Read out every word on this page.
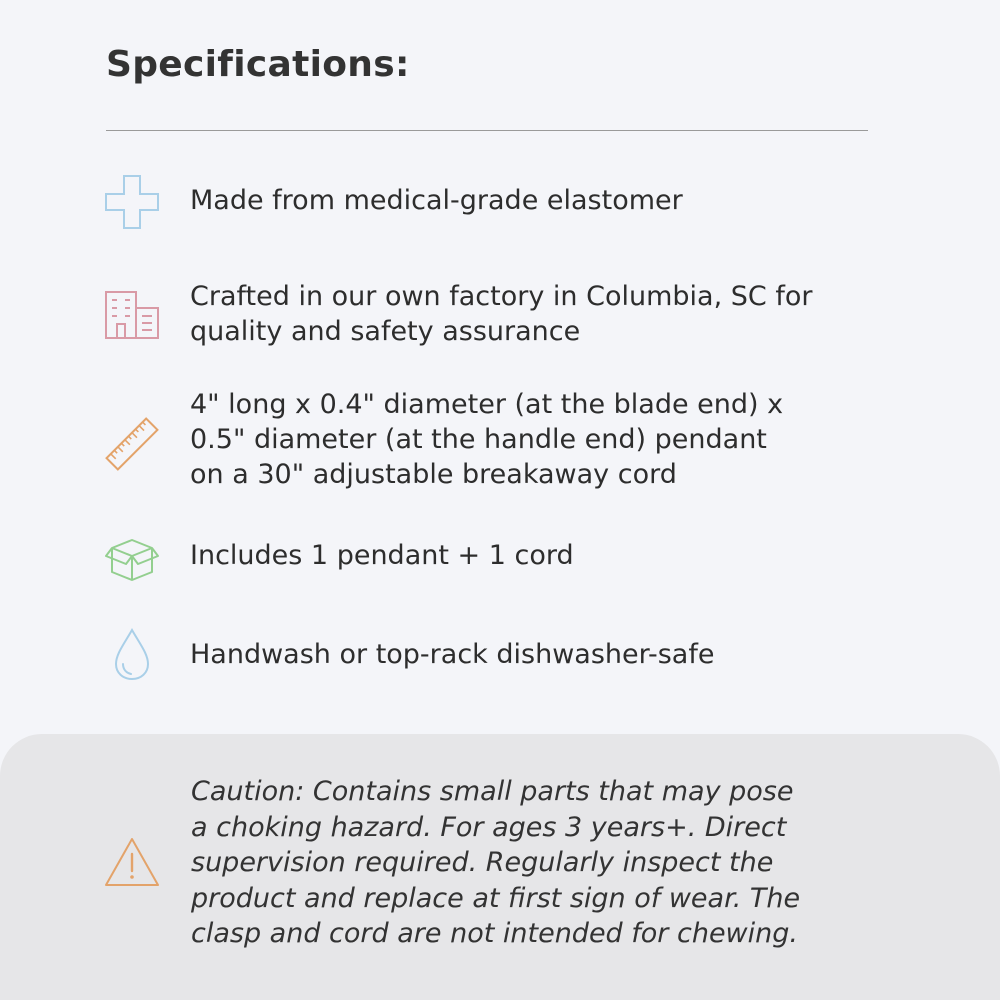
Specifications:

Made from medical-grade elastomer

Crafted in our own factory in Columbia, SC for
quality and safety assurance

4" long x 0.4" diameter (at the blade end) x
0.5" diameter (at the handle end) pendant
on a 30" adjustable breakaway cord

Includes 1 pendant + 1 cord

Handwash or top-rack dishwasher-safe

Caution: Contains small parts that may pose
a choking hazard. For ages 3 years+. Direct
supervision required. Regularly inspect the
product and replace at first sign of wear. The
clasp and cord are not intended for chewing.
